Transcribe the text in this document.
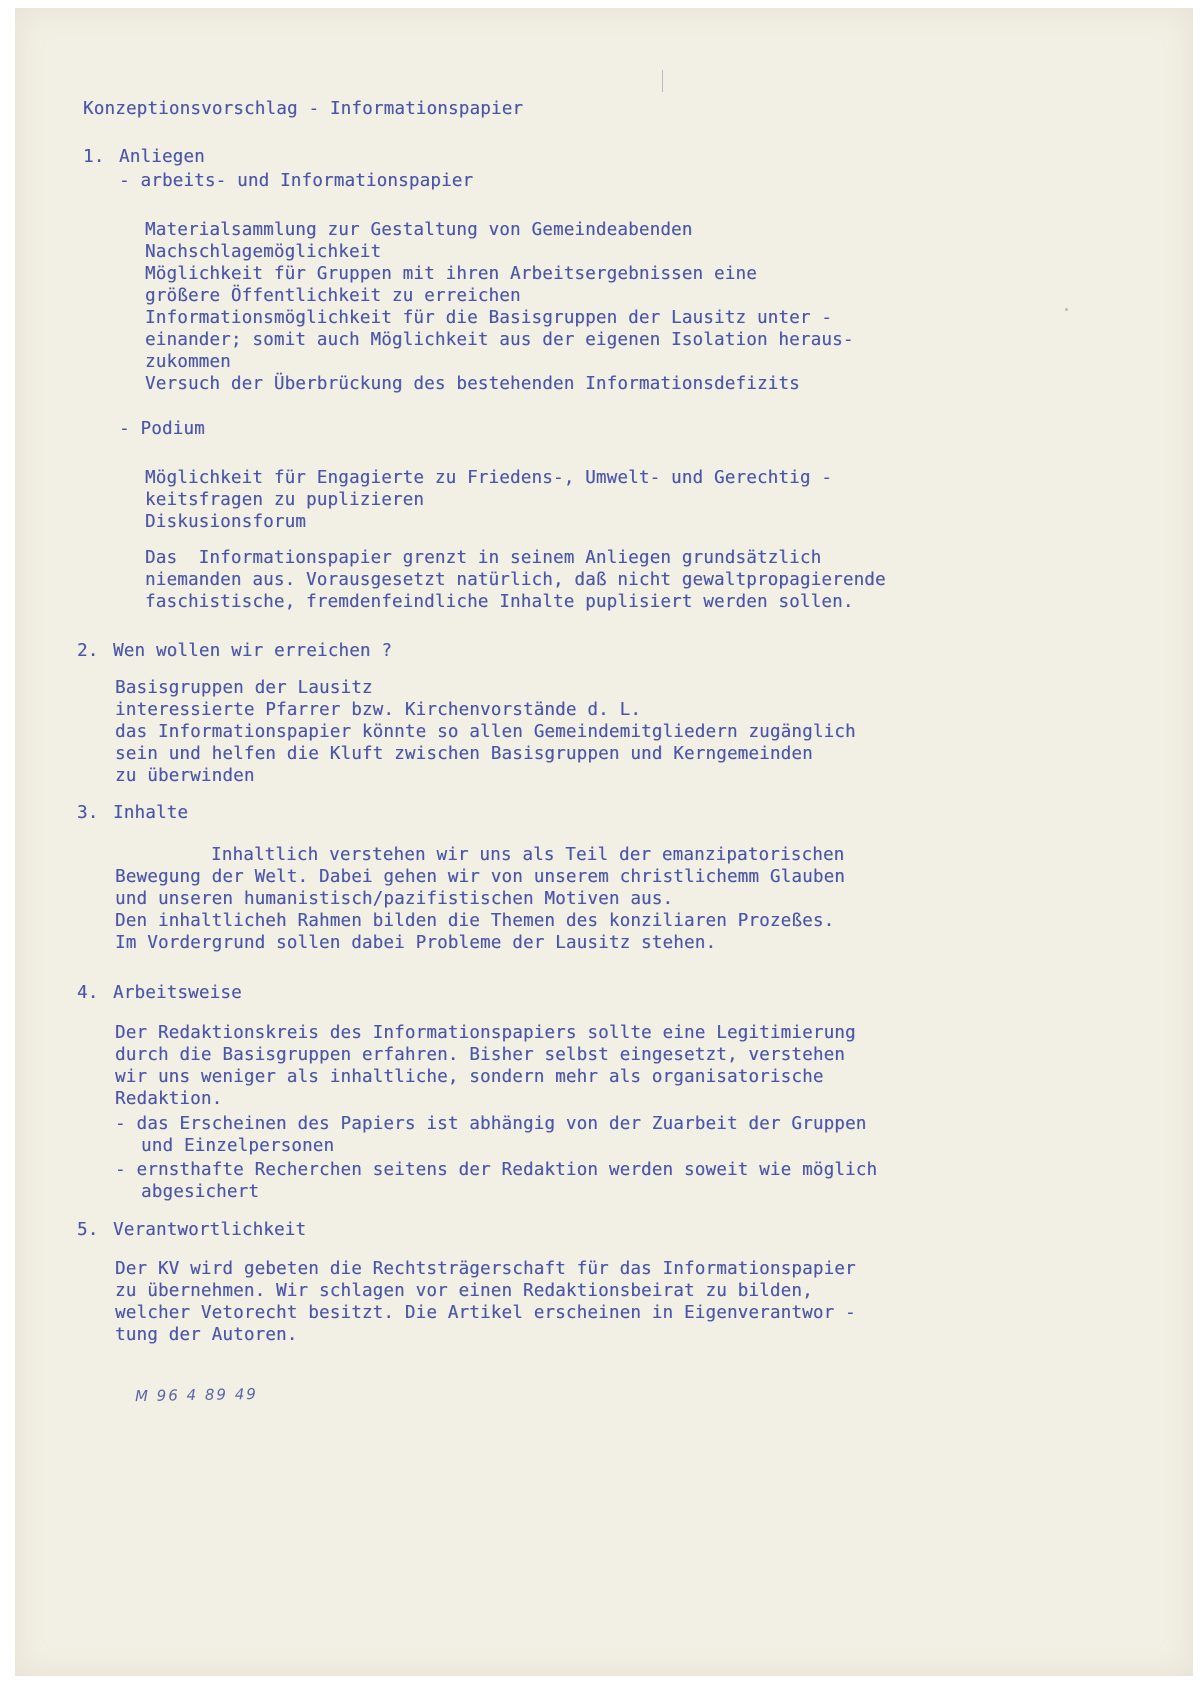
Konzeptionsvorschlag - Informationspapier

1. Anliegen

- arbeits- und Informationspapier

Materialsammlung zur Gestaltung von Gemeindeabenden

Nachschlagemöglichkeit

Möglichkeit für Gruppen mit ihren Arbeitsergebnissen eine

größere Öffentlichkeit zu erreichen

Informationsmöglichkeit für die Basisgruppen der Lausitz unter -

einander; somit auch Möglichkeit aus der eigenen Isolation heraus-

zukommen

Versuch der Überbrückung des bestehenden Informationsdefizits

- Podium

Möglichkeit für Engagierte zu Friedens-, Umwelt- und Gerechtig -

keitsfragen zu puplizieren

Diskusionsforum

Das  Informationspapier grenzt in seinem Anliegen grundsätzlich

niemanden aus. Vorausgesetzt natürlich, daß nicht gewaltpropagierende

faschistische, fremdenfeindliche Inhalte puplisiert werden sollen.

2. Wen wollen wir erreichen ?

Basisgruppen der Lausitz

interessierte Pfarrer bzw. Kirchenvorstände d. L.

das Informationspapier könnte so allen Gemeindemitgliedern zugänglich

sein und helfen die Kluft zwischen Basisgruppen und Kerngemeinden

zu überwinden

3. Inhalte

Inhaltlich verstehen wir uns als Teil der emanzipatorischen

Bewegung der Welt. Dabei gehen wir von unserem christlichemm Glauben

und unseren humanistisch/pazifistischen Motiven aus.

Den inhaltlicheh Rahmen bilden die Themen des konziliaren Prozeßes.

Im Vordergrund sollen dabei Probleme der Lausitz stehen.

4. Arbeitsweise

Der Redaktionskreis des Informationspapiers sollte eine Legitimierung

durch die Basisgruppen erfahren. Bisher selbst eingesetzt, verstehen

wir uns weniger als inhaltliche, sondern mehr als organisatorische

Redaktion.

- das Erscheinen des Papiers ist abhängig von der Zuarbeit der Gruppen

und Einzelpersonen

- ernsthafte Recherchen seitens der Redaktion werden soweit wie möglich

abgesichert

5. Verantwortlichkeit

Der KV wird gebeten die Rechtsträgerschaft für das Informationspapier

zu übernehmen. Wir schlagen vor einen Redaktionsbeirat zu bilden,

welcher Vetorecht besitzt. Die Artikel erscheinen in Eigenverantwor -

tung der Autoren.

M 96 4 89 49
